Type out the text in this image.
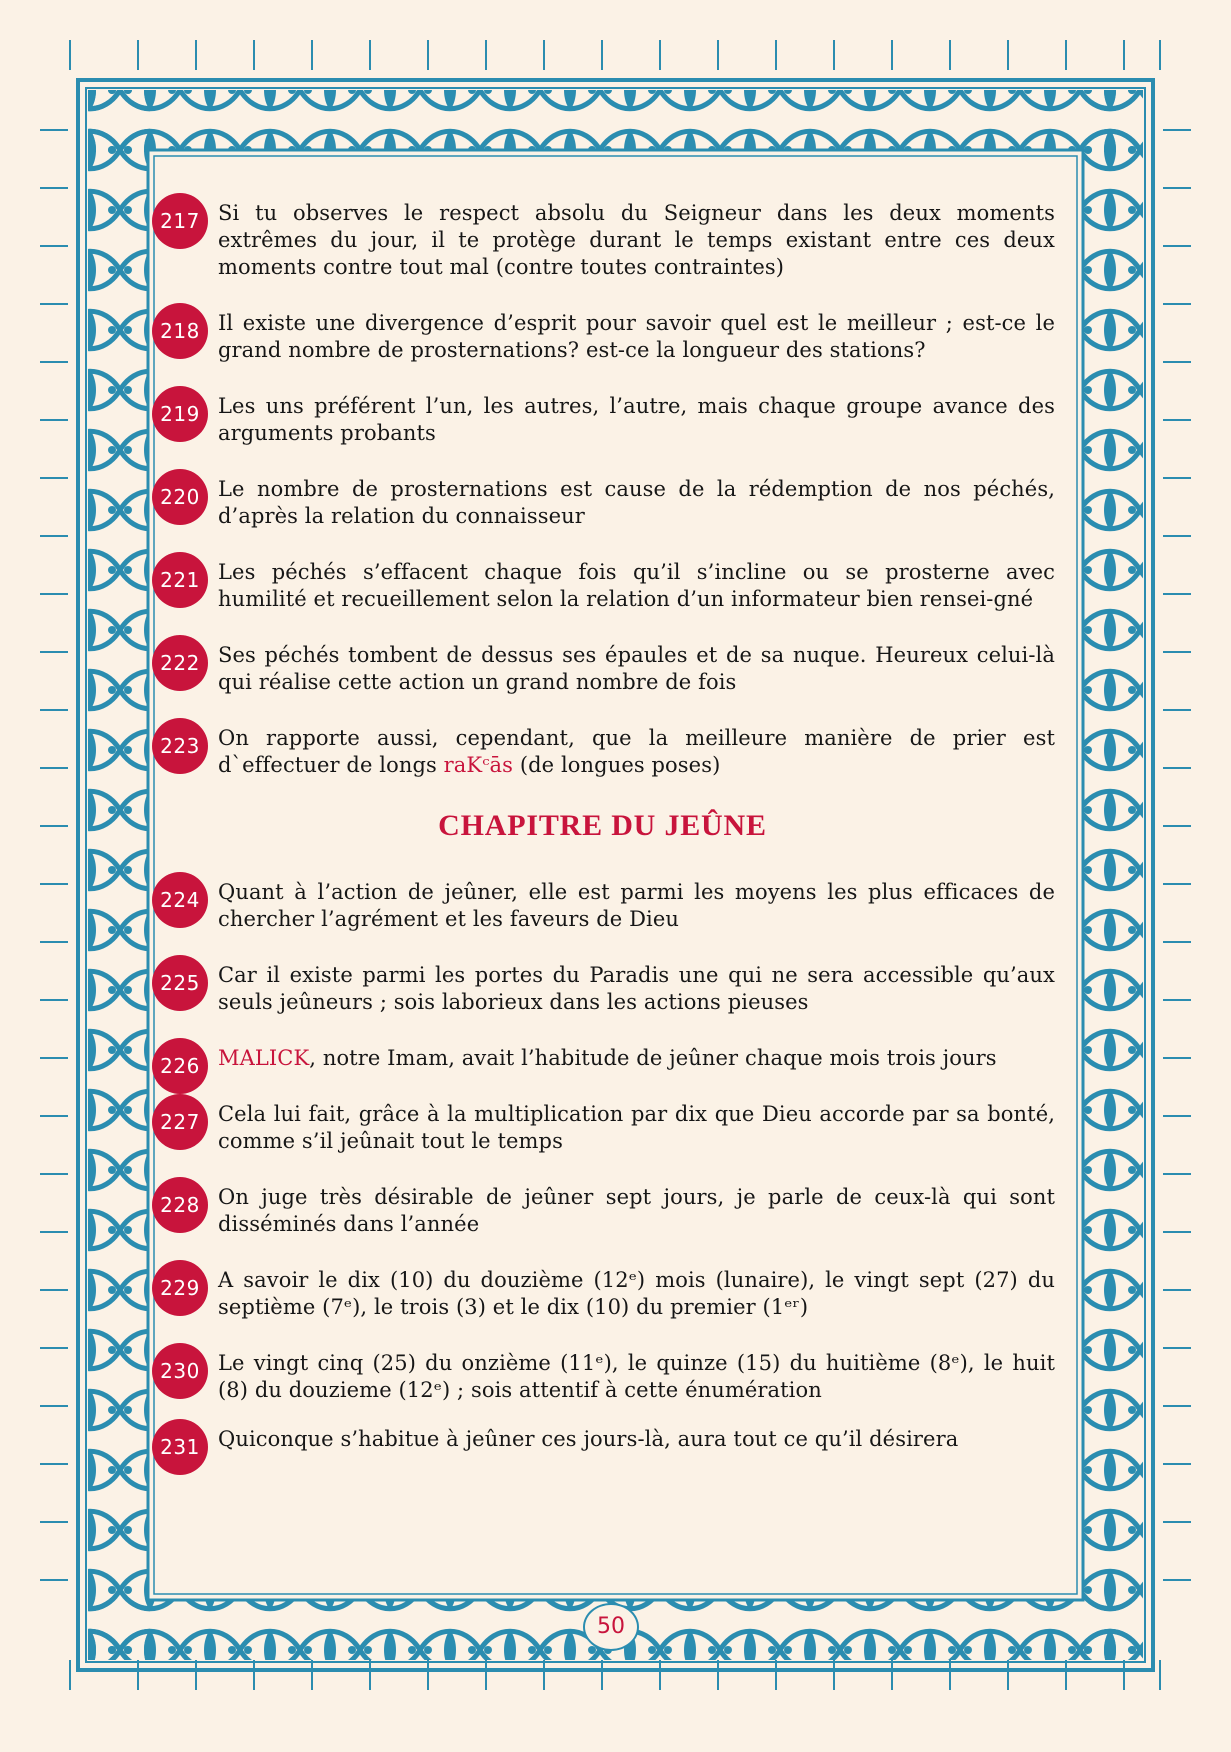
217 Si tu observes le respect absolu du Seigneur dans les deux moments extrêmes du jour, il te protège durant le temps existant entre ces deux moments contre tout mal (contre toutes contraintes)
218 Il existe une divergence d’esprit pour savoir quel est le meilleur ; est-ce le grand nombre de prosternations? est-ce la longueur des stations?
219 Les uns préférent l’un, les autres, l’autre, mais chaque groupe avance des arguments probants
220 Le nombre de prosternations est cause de la rédemption de nos péchés, d’après la relation du connaisseur
221 Les péchés s’effacent chaque fois qu’il s’incline ou se prosterne avec humilité et recueillement selon la relation d’un informateur bien rensei-gné
222 Ses péchés tombent de dessus ses épaules et de sa nuque. Heureux celui-là qui réalise cette action un grand nombre de fois
223 On rapporte aussi, cependant, que la meilleure manière de prier est d`effectuer de longs raKᶜās (de longues poses)
CHAPITRE DU JEÛNE
224 Quant à l’action de jeûner, elle est parmi les moyens les plus efficaces de chercher l’agrément et les faveurs de Dieu
225 Car il existe parmi les portes du Paradis une qui ne sera accessible qu’aux seuls jeûneurs ; sois laborieux dans les actions pieuses
226 MALICK, notre Imam, avait l’habitude de jeûner chaque mois trois jours
227 Cela lui fait, grâce à la multiplication par dix que Dieu accorde par sa bonté, comme s’il jeûnait tout le temps
228 On juge très désirable de jeûner sept jours, je parle de ceux-là qui sont disséminés dans l’année
229 A savoir le dix (10) du douzième (12ᵉ) mois (lunaire), le vingt sept (27) du septième (7ᵉ), le trois (3) et le dix (10) du premier (1ᵉʳ)
230 Le vingt cinq (25) du onzième (11ᵉ), le quinze (15) du huitième (8ᵉ), le huit (8) du douzieme (12ᵉ) ; sois attentif à cette énumération
231 Quiconque s’habitue à jeûner ces jours-là, aura tout ce qu’il désirera
50
